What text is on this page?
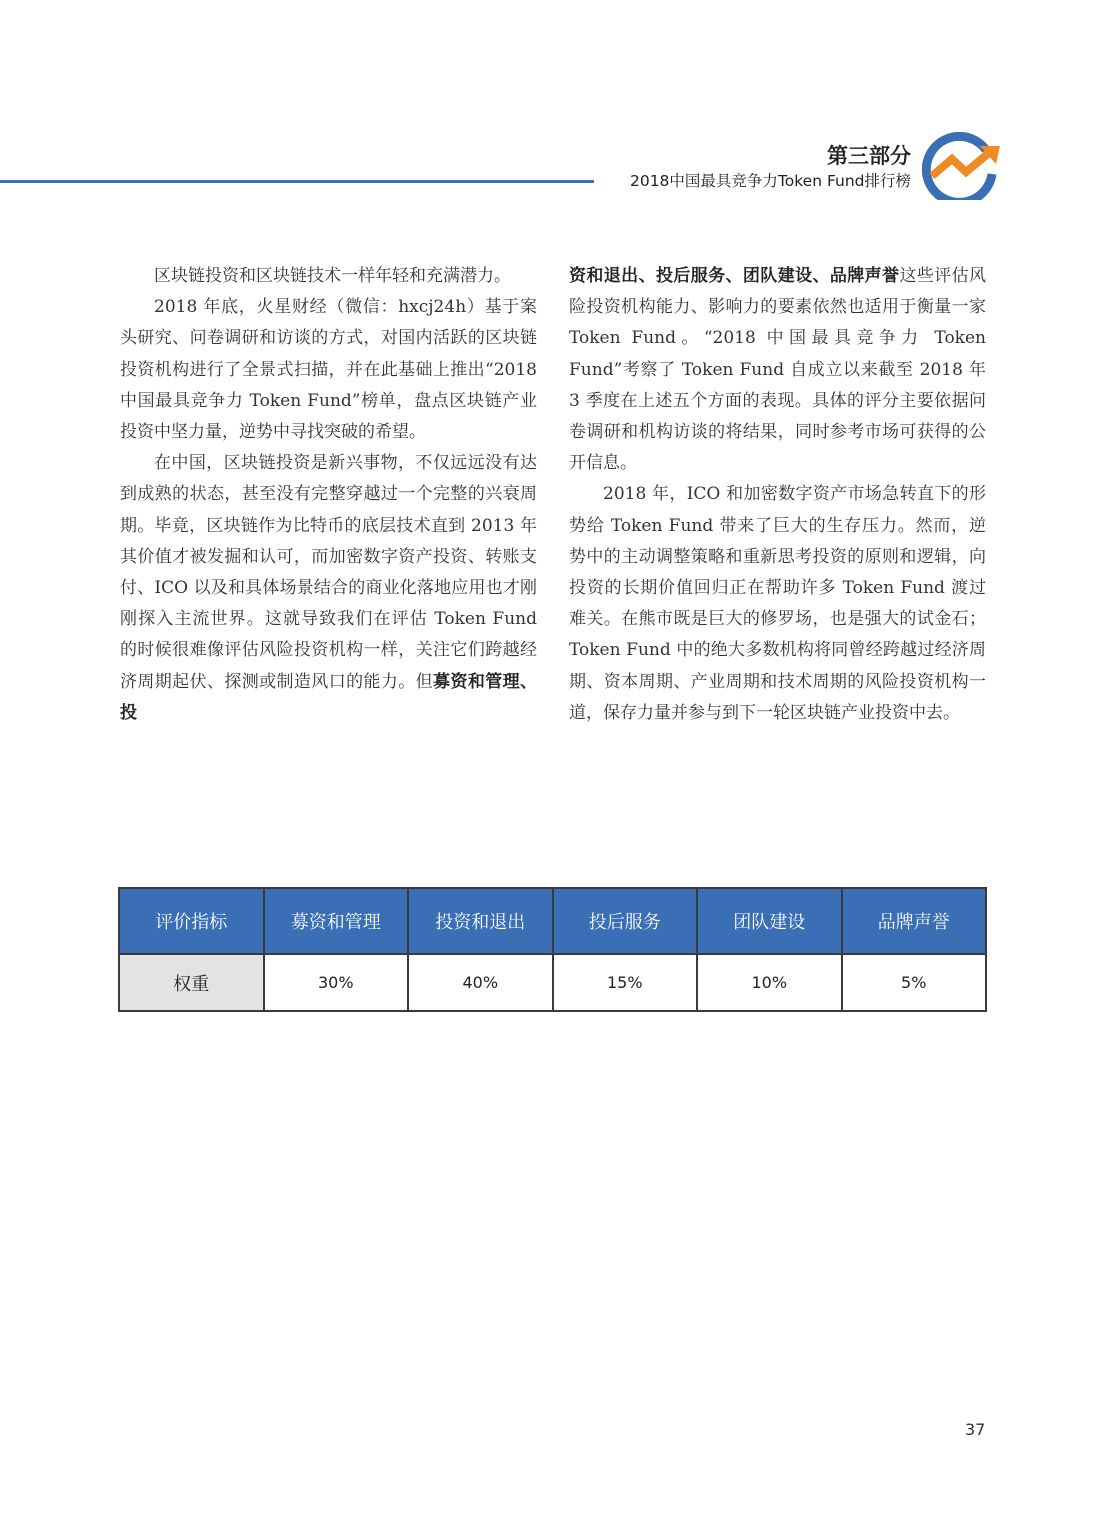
第三部分
2018中国最具竞争力Token Fund排行榜

区块链投资和区块链技术一样年轻和充满潜力。

2018 年底，火星财经（微信：hxcj24h）基于案头研究、问卷调研和访谈的方式，对国内活跃的区块链投资机构进行了全景式扫描，并在此基础上推出“2018 中国最具竞争力 Token Fund”榜单，盘点区块链产业投资中坚力量，逆势中寻找突破的希望。

在中国，区块链投资是新兴事物，不仅远远没有达到成熟的状态，甚至没有完整穿越过一个完整的兴衰周期。毕竟，区块链作为比特币的底层技术直到 2013 年其价值才被发掘和认可，而加密数字资产投资、转账支付、ICO 以及和具体场景结合的商业化落地应用也才刚刚探入主流世界。这就导致我们在评估 Token Fund 的时候很难像评估风险投资机构一样，关注它们跨越经济周期起伏、探测或制造风口的能力。但募资和管理、投

资和退出、投后服务、团队建设、品牌声誉这些评估风险投资机构能力、影响力的要素依然也适用于衡量一家 Token Fund。“2018 中国最具竞争力 Token Fund”考察了 Token Fund 自成立以来截至 2018 年 3 季度在上述五个方面的表现。具体的评分主要依据问卷调研和机构访谈的将结果，同时参考市场可获得的公开信息。

2018 年，ICO 和加密数字资产市场急转直下的形势给 Token Fund 带来了巨大的生存压力。然而，逆势中的主动调整策略和重新思考投资的原则和逻辑，向投资的长期价值回归正在帮助许多 Token Fund 渡过难关。在熊市既是巨大的修罗场，也是强大的试金石；Token Fund 中的绝大多数机构将同曾经跨越过经济周期、资本周期、产业周期和技术周期的风险投资机构一道，保存力量并参与到下一轮区块链产业投资中去。

评价指标	募资和管理	投资和退出	投后服务	团队建设	品牌声誉
权重	30%	40%	15%	10%	5%
37
